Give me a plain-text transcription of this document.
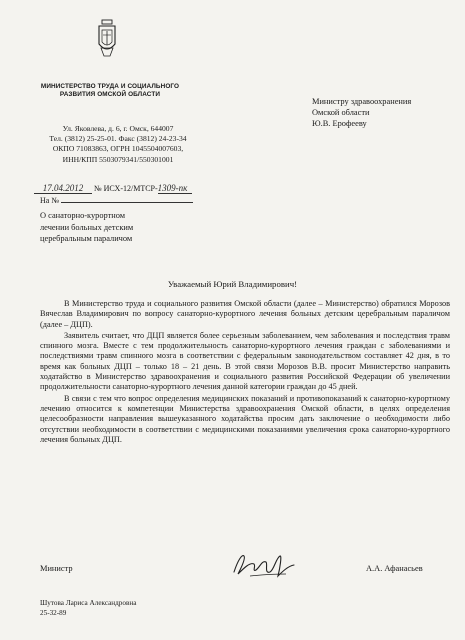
МИНИСТЕРСТВО ТРУДА И СОЦИАЛЬНОГО
РАЗВИТИЯ ОМСКОЙ ОБЛАСТИ
Ул. Яковлева, д. 6, г. Омск, 644007
Тел. (3812) 25-25-01. Факс (3812) 24-23-34
ОКПО 71083863, ОГРН 1045504007603,
ИНН/КПП 5503079341/550301001
17.04.2012 № ИСХ-12/МТСР-1309-пк
На №
Министру здравоохранения
Омской области
Ю.В. Ерофееву
О санаторно-курортном
лечении больных детским
церебральным параличом
Уважаемый Юрий Владимирович!

В Министерство труда и социального развития Омской области (далее – Министерство) обратился Морозов Вячеслав Владимирович по вопросу санаторно-курортного лечения больных детским церебральным параличом (далее – ДЦП).

Заявитель считает, что ДЦП является более серьезным заболеванием, чем заболевания и последствия травм спинного мозга. Вместе с тем продолжительность санаторно-курортного лечения граждан с заболеваниями и последствиями травм спинного мозга в соответствии с федеральным законодательством составляет 42 дня, в то время как больных ДЦП – только 18 – 21 день. В этой связи Морозов В.В. просит Министерство направить ходатайство в Министерство здравоохранения и социального развития Российской Федерации об увеличении продолжительности санаторно-курортного лечения данной категории граждан до 45 дней.

В связи с тем что вопрос определения медицинских показаний и противопоказаний к санаторно-курортному лечению относится к компетенции Министерства здравоохранения Омской области, в целях определения целесообразности направления вышеуказанного ходатайства просим дать заключение о необходимости либо отсутствии необходимости в соответствии с медицинскими показаниями увеличения срока санаторно-курортного лечения больных ДЦП.

Министр	А.А. Афанасьев
Шутова Лариса Александровна
25-32-89
